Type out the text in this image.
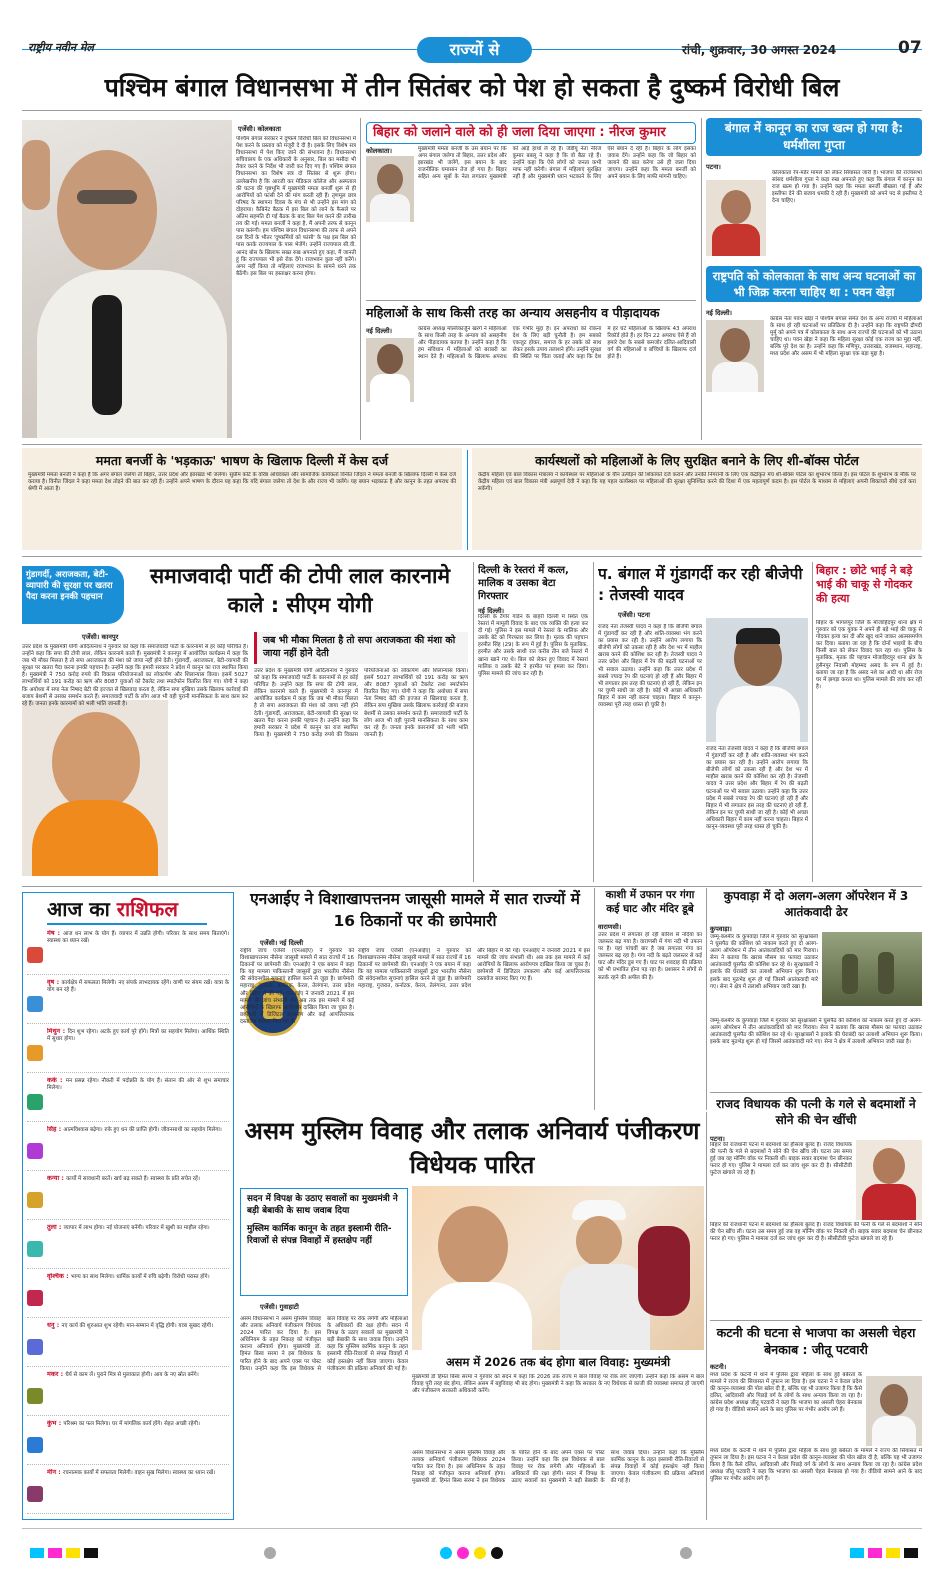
राष्ट्रीय नवीन मेल	राज्यों से	रांची, शुक्रवार, 30 अगस्त 2024	07
पश्चिम बंगाल विधानसभा में तीन सितंबर को पेश हो सकता है दुष्कर्म विरोधी बिल
एजेंसी। कोलकाता
पश्चिम बंगाल सरकार ने दुष्कर्म विरोधी बिल को विधानसभा में पेश करने के प्रस्ताव को मंजूरी दे दी है। इसके लिए विशेष सत्र विधानसभा में पेश किए जाने की संभावना है। विधानसभा सचिवालय के एक अधिकारी के अनुसार, बिल का मसौदा भी तैयार करने के निर्देश भी जारी कर दिए गए हैं। पश्चिम बंगाल विधानसभा का विशेष सत्र दो सितंबर से शुरू होगा। उल्लेखनीय है कि आरजी कर मेडिकल कॉलेज और अस्पताल की घटना की पृष्ठभूमि में मुख्यमंत्री ममता बनर्जी शुरू से ही आरोपियों को फांसी देने की मांग करती रही हैं। तृणमूल छात्र परिषद के स्थापना दिवस के मंच से भी उन्होंने इस मांग को दोहराया। कैबिनेट बैठक में इस बिल को लाने के फैसले पर अंतिम सहमति दी गई बैठक के बाद बिल पेश करने की तारीख तय की गई। ममता बनर्जी ने कहा है, मैं अपनी तरफ से कानून पास करूंगी। हम पश्चिम बंगाल विधानसभा की तरफ से अपने दस दिनों के भीतर 'दुष्कर्मियों को फांसी' के पक्ष इस बिल को पास करके राज्यपाल के पास भेजेंगे। उन्होंने राज्यपाल सी.वी. आनंद बोस के खिलाफ सख्त रुख अपनाते हुए कहा, मैं जानती हूं कि राज्यपाल भी इसे रोक देंगे। राजभवन कुछ नहीं करेंगे। अगर नहीं किया तो महिलाएं राजभवन के सामने धरने तक बैठेंगी। इस बिल पर हस्ताक्षर करना होगा।
बिहार को जलाने वाले को ही जला दिया जाएगा : नीरज कुमार
कोलकाता।	मुख्यमंत्री ममता बनर्जी के उस बयान पर कि अगर बंगाल जलेगा तो बिहार, उत्तर प्रदेश और झारखंड भी जलेंगे, इस बयान के बाद राजनीतिक घमासान तेज हो गया है। बिहार सहित अन्य सूबों के नेता लगातार मुख्यमंत्री को आड़े हाथों ले रहे हैं। जेडीयू नेता नीरज कुमार बबलू ने कहा है कि वो बैठा रहे हैं। उन्होंने कहा कि ऐसे लोगों को जनता कभी माफ नहीं करेगी। बंगाल में महिलाएं सुरक्षित नहीं हैं और मुख्यमंत्री ध्यान भटकाने के लिए ऐसे बयान दे रही हैं। बिहार के लोग इसका जवाब देंगे। उन्होंने कहा कि जो बिहार को जलाने की बात करेगा उसे ही जला दिया जाएगा। उन्होंने कहा कि ममता बनर्जी को अपने बयान के लिए माफी मांगनी चाहिए।
महिलाओं के साथ किसी तरह का अन्याय असहनीय व पीड़ादायक
नई दिल्ली।	कांग्रेस अध्यक्ष मल्लिकार्जुन खरगे ने महिलाओं के साथ किसी तरह के अन्याय को असहनीय और पीड़ादायक बताया है। उन्होंने कहा है कि हम संविधान में महिलाओं को बराबरी का स्थान देते हैं। महिलाओं के खिलाफ अपराध एक गंभीर मुद्दा है। इन अपराधों को रोकना देश के लिए बड़ी चुनौती है। हम सबको एकजुट होकर, समाज के हर तबके को साथ लेकर इसके उपाय तलाशने होंगे। उन्होंने सुरक्षा की स्थिति पर चिंता जताई और कहा कि देश में हर घंटे महिलाओं के खिलाफ 43 अपराध रिकॉर्ड होते हैं। हर दिन 22 अपराध ऐसे हैं जो हमारे देश के सबसे कमजोर दलित-आदिवासी वर्ग की महिलाओं व बच्चियों के खिलाफ दर्ज होते हैं।
बंगाल में कानून का राज खत्म हो गया है: धर्मशीला गुप्ता
पटना।
कोलकाता रेप-मर्डर मामले को लेकर सियासत जारी है। भाजपा की राज्यसभा सांसद धर्मशीला गुप्ता ने कड़ा रुख अपनाते हुए कहा कि बंगाल में कानून का राज खत्म हो गया है। उन्होंने कहा कि ममता बनर्जी बौखला गई हैं और इस्तीफा देने की बजाय धमकी दे रही हैं। मुख्यमंत्री को अपने पद से इस्तीफा दे देना चाहिए।
राष्ट्रपति को कोलकाता के साथ अन्य घटनाओं का भी जिक्र करना चाहिए था : पवन खेड़ा
नई दिल्ली।
कांग्रेस नेता पवन खेड़ा ने पश्चिम बंगाल समेत देश के अन्य राज्यों में महिलाओं के साथ हो रही घटनाओं पर प्रतिक्रिया दी है। उन्होंने कहा कि राष्ट्रपति द्रौपदी मुर्मू को अपने पत्र में कोलकाता के साथ अन्य राज्यों की घटनाओं को भी उठाना चाहिए था। पवन खेड़ा ने कहा कि महिला सुरक्षा कोई एक राज्य का मुद्दा नहीं, बल्कि पूरे देश का है। उन्होंने कहा कि मणिपुर, उत्तराखंड, राजस्थान, महाराष्ट्र, मध्य प्रदेश और असम में भी महिला सुरक्षा एक बड़ा मुद्दा है।
ममता बनर्जी के 'भड़काऊ' भाषण के खिलाफ दिल्ली में केस दर्ज
मुख्यमंत्री ममता बनर्जी ने कहा है कि अगर बंगाल जलेगा तो बिहार, उत्तर प्रदेश और झारखंड भी जलेगा। सुप्रीम कोर्ट के वरिष्ठ अधिवक्ता और सामाजिक कार्यकर्ता विनीत जिंदल ने ममता बनर्जी के खिलाफ दिल्ली में केस दर्ज कराया है। विनीत जिंदल ने कहा ममता देश तोड़ने की बात कर रही हैं। उन्होंने अपने भाषण के दौरान यह कहा कि यदि बंगाल जलेगा तो देश के और राज्य भी जलेंगे। यह बयान भड़काऊ है और कानून के तहत अपराध की श्रेणी में आता है।
कार्यस्थलों को महिलाओं के लिए सुरक्षित बनाने के लिए शी-बॉक्स पोर्टल
केंद्रीय महिला एवं बाल विकास मंत्रालय ने कार्यस्थल पर महिलाओं के यौन उत्पीड़न की शिकायतें दर्ज कराने और उनकी निगरानी के लिए एक केंद्रीकृत मंच शी-बॉक्स पोर्टल का शुभारंभ किया है। इस पोर्टल के शुभारंभ के मौके पर केंद्रीय महिला एवं बाल विकास मंत्री अन्नपूर्णा देवी ने कहा कि यह पहल कार्यस्थल पर महिलाओं की सुरक्षा सुनिश्चित करने की दिशा में एक महत्वपूर्ण कदम है। इस पोर्टल के माध्यम से महिलाएं अपनी शिकायतें सीधे दर्ज करा सकेंगी।
गुंडागर्दी, अराजकता, बेटी-व्यापारी की सुरक्षा पर खतरा पैदा करना इनकी पहचान
समाजवादी पार्टी की टोपी लाल कारनामे काले : सीएम योगी
एजेंसी। कानपुर	जब भी मौका मिलता है तो सपा अराजकता की मंशा को जाया नहीं होने देती
उत्तर प्रदेश के मुख्यमंत्री योगी आदित्यनाथ ने गुरुवार को कहा कि समाजवादी पार्टी के कारनामों से हर कोई परिचित है। उन्होंने कहा कि सपा की टोपी लाल, लेकिन कारनामे काले हैं। मुख्यमंत्री ने कानपुर में आयोजित कार्यक्रम में कहा कि जब भी मौका मिलता है तो सपा अराजकता की मंशा को जाया नहीं होने देती। गुंडागर्दी, अराजकता, बेटी-व्यापारी की सुरक्षा पर खतरा पैदा करना इनकी पहचान है। उन्होंने कहा कि हमारी सरकार ने प्रदेश में कानून का राज स्थापित किया है। मुख्यमंत्री ने 750 करोड़ रुपये की विकास परियोजनाओं का लोकार्पण और शिलान्यास किया। इसमें 5027 लाभार्थियों को 191 करोड़ का ऋण और 8087 युवाओं को टैबलेट तथा स्मार्टफोन वितरित किए गए। योगी ने कहा कि अयोध्या में सपा नेता निषाद बेटी की इज्जत से खिलवाड़ करता है, लेकिन सपा मुखिया उसके खिलाफ कार्रवाई की बजाय बेशर्मी से उसका समर्थन करते हैं। समाजवादी पार्टी के लोग आज भी वही पुरानी मानसिकता के साथ काम कर रहे हैं। जनता इनके कारनामों को भली भांति जानती है।
उत्तर प्रदेश के मुख्यमंत्री योगी आदित्यनाथ ने गुरुवार को कहा कि समाजवादी पार्टी के कारनामों से हर कोई परिचित है। उन्होंने कहा कि सपा की टोपी लाल, लेकिन कारनामे काले हैं। मुख्यमंत्री ने कानपुर में आयोजित कार्यक्रम में कहा कि जब भी मौका मिलता है तो सपा अराजकता की मंशा को जाया नहीं होने देती। गुंडागर्दी, अराजकता, बेटी-व्यापारी की सुरक्षा पर खतरा पैदा करना इनकी पहचान है। उन्होंने कहा कि हमारी सरकार ने प्रदेश में कानून का राज स्थापित किया है। मुख्यमंत्री ने 750 करोड़ रुपये की विकास परियोजनाओं का लोकार्पण और शिलान्यास किया। इसमें 5027 लाभार्थियों को 191 करोड़ का ऋण और 8087 युवाओं को टैबलेट तथा स्मार्टफोन वितरित किए गए। योगी ने कहा कि अयोध्या में सपा नेता निषाद बेटी की इज्जत से खिलवाड़ करता है, लेकिन सपा मुखिया उसके खिलाफ कार्रवाई की बजाय बेशर्मी से उसका समर्थन करते हैं। समाजवादी पार्टी के लोग आज भी वही पुरानी मानसिकता के साथ काम कर रहे हैं। जनता इनके कारनामों को भली भांति जानती है।
दिल्ली के रेस्तरां में कत्ल, मालिक व उसका बेटा गिरफ्तार
नई दिल्ली।
दिल्ली के टैगोर गार्डन के बाहरी दिल्ली में स्थित एक रेस्तरां में मामूली विवाद के बाद एक व्यक्ति की हत्या कर दी गई। पुलिस ने इस मामले में रेस्तरां के मालिक और उसके बेटे को गिरफ्तार कर लिया है। मृतक की पहचान हरमीत सिंह (29) के रूप में हुई है। पुलिस के मुताबिक, हरमीत और उसके साथी रात करीब तीन बजे रेस्तरां में खाना खाने गए थे। बिल को लेकर हुए विवाद में रेस्तरां मालिक व उसके बेटे ने हरमीत पर हमला कर दिया। पुलिस मामले की जांच कर रही है।
प. बंगाल में गुंडागर्दी कर रही बीजेपी : तेजस्वी यादव
एजेंसी। पटना
राजद नेता तेजस्वी यादव ने कहा है कि बीजेपी बंगाल में गुंडागर्दी कर रही है और शांति-व्यवस्था भंग करने का प्रयास कर रही है। उन्होंने आरोप लगाया कि बीजेपी लोगों को उकसा रही है और देश भर में माहौल खराब करने की कोशिश कर रही है। तेजस्वी यादव ने उत्तर प्रदेश और बिहार में रेप की बढ़ती घटनाओं पर भी सवाल उठाया। उन्होंने कहा कि उत्तर प्रदेश में सबसे ज्यादा रेप की घटनाएं हो रही हैं और बिहार में भी लगातार इस तरह की घटनाएं हो रही हैं, लेकिन इन पर चुप्पी साधी जा रही है। कोई भी अच्छा अधिकारी बिहार में काम नहीं करना चाहता। बिहार में कानून-व्यवस्था पूरी तरह ध्वस्त हो चुकी है।
राजद नेता तेजस्वी यादव ने कहा है कि बीजेपी बंगाल में गुंडागर्दी कर रही है और शांति-व्यवस्था भंग करने का प्रयास कर रही है। उन्होंने आरोप लगाया कि बीजेपी लोगों को उकसा रही है और देश भर में माहौल खराब करने की कोशिश कर रही है। तेजस्वी यादव ने उत्तर प्रदेश और बिहार में रेप की बढ़ती घटनाओं पर भी सवाल उठाया। उन्होंने कहा कि उत्तर प्रदेश में सबसे ज्यादा रेप की घटनाएं हो रही हैं और बिहार में भी लगातार इस तरह की घटनाएं हो रही हैं, लेकिन इन पर चुप्पी साधी जा रही है। कोई भी अच्छा अधिकारी बिहार में काम नहीं करना चाहता। बिहार में कानून-व्यवस्था पूरी तरह ध्वस्त हो चुकी है।
बिहार : छोटे भाई ने बड़े भाई की चाकू से गोदकर की हत्या
बिहार के भागलपुर जिले के मोजाहिदपुर थाना क्षेत्र में गुरुवार को एक युवक ने अपने ही बड़े भाई की चाकू से गोदकर हत्या कर दी और खुद थाने जाकर आत्मसमर्पण कर दिया। बताया जा रहा है कि दोनों भाइयों के बीच किसी बात को लेकर विवाद चल रहा था। पुलिस के मुताबिक, मृतक की पहचान मोजाहिदपुर थाना क्षेत्र के हुसैनपुर निवासी मोहम्मद असद के रूप में हुई है। बताया जा रहा है कि असद नशे का आदी था और रोज घर में झगड़ा करता था। पुलिस मामले की जांच कर रही है।
आज का राशिफल
मेष : आज धन लाभ के योग हैं। व्यापार में उन्नति होगी। परिवार के साथ समय बिताएंगे। स्वास्थ्य का ध्यान रखें।
वृष : कार्यक्षेत्र में सफलता मिलेगी। नए संपर्क लाभदायक रहेंगे। वाणी पर संयम रखें। यात्रा के योग बन रहे हैं।
मिथुन : दिन शुभ रहेगा। अटके हुए कार्य पूरे होंगे। मित्रों का सहयोग मिलेगा। आर्थिक स्थिति में सुधार होगा।
कर्क : मन प्रसन्न रहेगा। नौकरी में पदोन्नति के योग हैं। संतान की ओर से शुभ समाचार मिलेगा।
सिंह : आत्मविश्वास बढ़ेगा। रुके हुए धन की प्राप्ति होगी। जीवनसाथी का सहयोग मिलेगा।
कन्या : कार्यों में सावधानी बरतें। खर्च बढ़ सकते हैं। स्वास्थ्य के प्रति सचेत रहें।
तुला : व्यापार में लाभ होगा। नई योजनाएं बनेंगी। परिवार में खुशी का माहौल रहेगा।
वृश्चिक : भाग्य का साथ मिलेगा। धार्मिक कार्यों में रुचि बढ़ेगी। विरोधी परास्त होंगे।
धनु : नए कार्य की शुरुआत शुभ रहेगी। मान-सम्मान में वृद्धि होगी। यात्रा सुखद रहेगी।
मकर : धैर्य से काम लें। पुराने मित्र से मुलाकात होगी। आय के नए स्रोत बनेंगे।
कुंभ : परिश्रम का फल मिलेगा। घर में मांगलिक कार्य होंगे। सेहत अच्छी रहेगी।
मीन : रचनात्मक कार्यों में सफलता मिलेगी। वाहन सुख मिलेगा। स्वास्थ्य का ध्यान रखें।
एनआईए ने विशाखापत्तनम जासूसी मामले में सात राज्यों में 16 ठिकानों पर की छापेमारी
एजेंसी। नई दिल्ली
राष्ट्रीय जांच एजेंसी (एनआईए) ने गुरुवार को विशाखापत्तनम नौसेना जासूसी मामले में सात राज्यों में 16 ठिकानों पर छापेमारी की। एनआईए ने एक बयान में कहा कि यह मामला पाकिस्तानी जासूसों द्वारा भारतीय नौसेना की संवेदनशील सूचनाएं हासिल करने से जुड़ा है। छापेमारी महाराष्ट्र, गुजरात, कर्नाटक, केरल, तेलंगाना, उत्तर प्रदेश और बिहार में की गई। एनआईए ने जनवरी 2021 में इस मामले की जांच संभाली थी। अब तक इस मामले में कई आरोपियों के खिलाफ आरोपपत्र दाखिल किया जा चुका है। छापेमारी में डिजिटल उपकरण और कई आपत्तिजनक दस्तावेज बरामद किए गए हैं।
राष्ट्रीय जांच एजेंसी (एनआईए) ने गुरुवार को विशाखापत्तनम नौसेना जासूसी मामले में सात राज्यों में 16 ठिकानों पर छापेमारी की। एनआईए ने एक बयान में कहा कि यह मामला पाकिस्तानी जासूसों द्वारा भारतीय नौसेना की संवेदनशील सूचनाएं हासिल करने से जुड़ा है। छापेमारी महाराष्ट्र, गुजरात, कर्नाटक, केरल, तेलंगाना, उत्तर प्रदेश और बिहार में की गई। एनआईए ने जनवरी 2021 में इस मामले की जांच संभाली थी। अब तक इस मामले में कई आरोपियों के खिलाफ आरोपपत्र दाखिल किया जा चुका है। छापेमारी में डिजिटल उपकरण और कई आपत्तिजनक दस्तावेज बरामद किए गए हैं।
काशी में उफान पर गंगा कई घाट और मंदिर डूबे
वाराणसी।
उत्तर प्रदेश में लगातार हो रही बारिश से नदियों का जलस्तर बढ़ गया है। वाराणसी में गंगा नदी भी उफान पर है। यहां पांचवीं बार है जब लगातार गंगा का जलस्तर बढ़ रहा है। गंगा नदी के बढ़ते जलस्तर से कई घाट और मंदिर डूब गए हैं। घाट पर शवदाह की प्रक्रिया को भी प्रभावित होना पड़ रहा है। प्रशासन ने लोगों से सतर्क रहने की अपील की है।
कुपवाड़ा में दो अलग-अलग ऑपरेशन में 3 आतंकवादी ढेर
कुपवाड़ा।
जम्मू-कश्मीर के कुपवाड़ा जिले में गुरुवार को सुरक्षाबलों ने घुसपैठ की कोशिश को नाकाम करते हुए दो अलग-अलग ऑपरेशन में तीन आतंकवादियों को मार गिराया। सेना ने बताया कि खराब मौसम का फायदा उठाकर आतंकवादी घुसपैठ की कोशिश कर रहे थे। सुरक्षाबलों ने इलाके की घेराबंदी कर तलाशी अभियान शुरू किया। इसके बाद मुठभेड़ शुरू हो गई जिसमें आतंकवादी मारे गए। सेना ने क्षेत्र में तलाशी अभियान जारी रखा है।
जम्मू-कश्मीर के कुपवाड़ा जिले में गुरुवार को सुरक्षाबलों ने घुसपैठ की कोशिश को नाकाम करते हुए दो अलग-अलग ऑपरेशन में तीन आतंकवादियों को मार गिराया। सेना ने बताया कि खराब मौसम का फायदा उठाकर आतंकवादी घुसपैठ की कोशिश कर रहे थे। सुरक्षाबलों ने इलाके की घेराबंदी कर तलाशी अभियान शुरू किया। इसके बाद मुठभेड़ शुरू हो गई जिसमें आतंकवादी मारे गए। सेना ने क्षेत्र में तलाशी अभियान जारी रखा है।
राजद विधायक की पत्नी के गले से बदमाशों ने सोने की चेन खींची
पटना।
बिहार की राजधानी पटना में बदमाशों का हौसला बुलंद है। राजद विधायक की पत्नी के गले से बदमाशों ने सोने की चेन खींच ली। घटना उस समय हुई जब वह मॉर्निंग वॉक पर निकली थीं। बाइक सवार बदमाश चेन छीनकर फरार हो गए। पुलिस ने मामला दर्ज कर जांच शुरू कर दी है। सीसीटीवी फुटेज खंगाले जा रहे हैं।
बिहार की राजधानी पटना में बदमाशों का हौसला बुलंद है। राजद विधायक की पत्नी के गले से बदमाशों ने सोने की चेन खींच ली। घटना उस समय हुई जब वह मॉर्निंग वॉक पर निकली थीं। बाइक सवार बदमाश चेन छीनकर फरार हो गए। पुलिस ने मामला दर्ज कर जांच शुरू कर दी है। सीसीटीवी फुटेज खंगाले जा रहे हैं।
असम मुस्लिम विवाह और तलाक अनिवार्य पंजीकरण विधेयक पारित
सदन में विपक्ष के उठाए सवालों का मुख्यमंत्री ने बड़ी बेबाकी के साथ जवाब दिया
मुस्लिम कार्मिक कानून के तहत इस्लामी रीति-रिवाजों से संपन्न विवाहों में हस्तक्षेप नहीं
एजेंसी। गुवाहाटी
असम में 2026 तक बंद होगा बाल विवाह: मुख्यमंत्री
मुख्यमंत्री डॉ हिमंत बिस्व सरमा ने गुरुवार को सदन में कहा कि 2026 तक राज्य में बाल विवाह पर रोक लग जाएगी। उन्होंने कहा कि असम में बाल विवाह पूरी तरह बंद होगा, लेकिन असम में बहुविवाह भी बंद होगा। मुख्यमंत्री ने कहा कि सरकार के नए विधेयक से काजी की व्यवस्था समाप्त हो जाएगी और पंजीकरण सरकारी अधिकारी करेंगे।
असम विधानसभा ने असम मुस्लिम विवाह और तलाक अनिवार्य पंजीकरण विधेयक 2024 पारित कर दिया है। इस अधिनियम के तहत निकाह को पंजीकृत कराना अनिवार्य होगा। मुख्यमंत्री डॉ. हिमंत बिस्व सरमा ने इस विधेयक के पारित होने के बाद अपने एक्स पर पोस्ट किया। उन्होंने कहा कि इस विधेयक से बाल विवाह पर रोक लगेगी और महिलाओं के अधिकारों की रक्षा होगी। सदन में विपक्ष के उठाए सवालों का मुख्यमंत्री ने बड़ी बेबाकी के साथ जवाब दिया। उन्होंने कहा कि मुस्लिम कार्मिक कानून के तहत इस्लामी रीति-रिवाजों से संपन्न विवाहों में कोई हस्तक्षेप नहीं किया जाएगा। केवल पंजीकरण की प्रक्रिया अनिवार्य की गई है।
असम विधानसभा ने असम मुस्लिम विवाह और तलाक अनिवार्य पंजीकरण विधेयक 2024 पारित कर दिया है। इस अधिनियम के तहत निकाह को पंजीकृत कराना अनिवार्य होगा। मुख्यमंत्री डॉ. हिमंत बिस्व सरमा ने इस विधेयक के पारित होने के बाद अपने एक्स पर पोस्ट किया। उन्होंने कहा कि इस विधेयक से बाल विवाह पर रोक लगेगी और महिलाओं के अधिकारों की रक्षा होगी। सदन में विपक्ष के उठाए सवालों का मुख्यमंत्री ने बड़ी बेबाकी के साथ जवाब दिया। उन्होंने कहा कि मुस्लिम कार्मिक कानून के तहत इस्लामी रीति-रिवाजों से संपन्न विवाहों में कोई हस्तक्षेप नहीं किया जाएगा। केवल पंजीकरण की प्रक्रिया अनिवार्य की गई है।
कटनी की घटना से भाजपा का असली चेहरा बेनकाब : जीतू पटवारी
कटनी।
मध्य प्रदेश के कटनी में थाने में पुलिस द्वारा महिला के साथ हुई बर्बरता के मामले ने राज्य की सियासत में तूफान ला दिया है। इस घटना ने न केवल प्रदेश की कानून-व्यवस्था की पोल खोल दी है, बल्कि यह भी उजागर किया है कि कैसे दलित, आदिवासी और पिछड़े वर्ग के लोगों के साथ अन्याय किया जा रहा है। कांग्रेस प्रदेश अध्यक्ष जीतू पटवारी ने कहा कि भाजपा का असली चेहरा बेनकाब हो गया है। वीडियो सामने आने के बाद पुलिस पर गंभीर आरोप लगे हैं।
मध्य प्रदेश के कटनी में थाने में पुलिस द्वारा महिला के साथ हुई बर्बरता के मामले ने राज्य की सियासत में तूफान ला दिया है। इस घटना ने न केवल प्रदेश की कानून-व्यवस्था की पोल खोल दी है, बल्कि यह भी उजागर किया है कि कैसे दलित, आदिवासी और पिछड़े वर्ग के लोगों के साथ अन्याय किया जा रहा है। कांग्रेस प्रदेश अध्यक्ष जीतू पटवारी ने कहा कि भाजपा का असली चेहरा बेनकाब हो गया है। वीडियो सामने आने के बाद पुलिस पर गंभीर आरोप लगे हैं।
